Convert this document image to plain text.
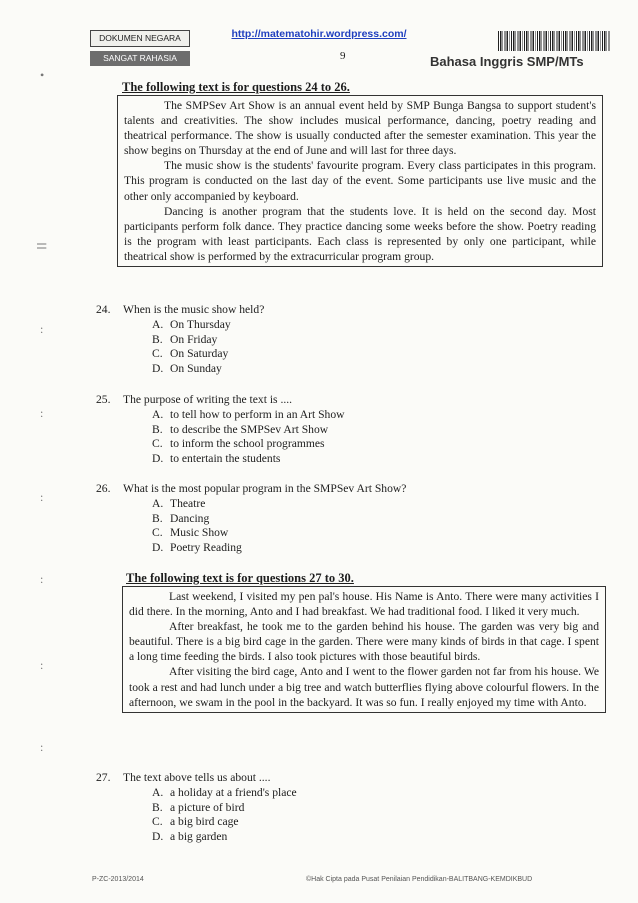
http://matematohir.wordpress.com/
DOKUMEN NEGARA
SANGAT RAHASIA	9	Bahasa Inggris SMP/MTs
•
=
:
:
:
:
:
:
The following text is for questions 24 to 26.

The SMPSev Art Show is an annual event held by SMP Bunga Bangsa to support student's talents and creativities. The show includes musical performance, dancing, poetry reading and theatrical performance. The show is usually conducted after the semester examination. This year the show begins on Thursday at the end of June and will last for three days.

The music show is the students' favourite program. Every class participates in this program. This program is conducted on the last day of the event. Some participants use live music and the other only accompanied by keyboard.

Dancing is another program that the students love. It is held on the second day. Most participants perform folk dance. They practice dancing some weeks before the show. Poetry reading is the program with least participants. Each class is represented by only one participant, while theatrical show is performed by the extracurricular program group.

24.	When is the music show held?
A. On Thursday
B. On Friday
C. On Saturday
D. On Sunday
25.	The purpose of writing the text is ....
A. to tell how to perform in an Art Show
B. to describe the SMPSev Art Show
C. to inform the school programmes
D. to entertain the students
26.	What is the most popular program in the SMPSev Art Show?
A. Theatre
B. Dancing
C. Music Show
D. Poetry Reading
The following text is for questions 27 to 30.

Last weekend, I visited my pen pal's house. His Name is Anto. There were many activities I did there. In the morning, Anto and I had breakfast. We had traditional food. I liked it very much.

After breakfast, he took me to the garden behind his house. The garden was very big and beautiful. There is a big bird cage in the garden. There were many kinds of birds in that cage. I spent a long time feeding the birds. I also took pictures with those beautiful birds.

After visiting the bird cage, Anto and I went to the flower garden not far from his house. We took a rest and had lunch under a big tree and watch butterflies flying above colourful flowers. In the afternoon, we swam in the pool in the backyard. It was so fun. I really enjoyed my time with Anto.

27.	The text above tells us about ....
A. a holiday at a friend's place
B. a picture of bird
C. a big bird cage
D. a big garden
P-ZC-2013/2014	©Hak Cipta pada Pusat Penilaian Pendidikan-BALITBANG-KEMDIKBUD
